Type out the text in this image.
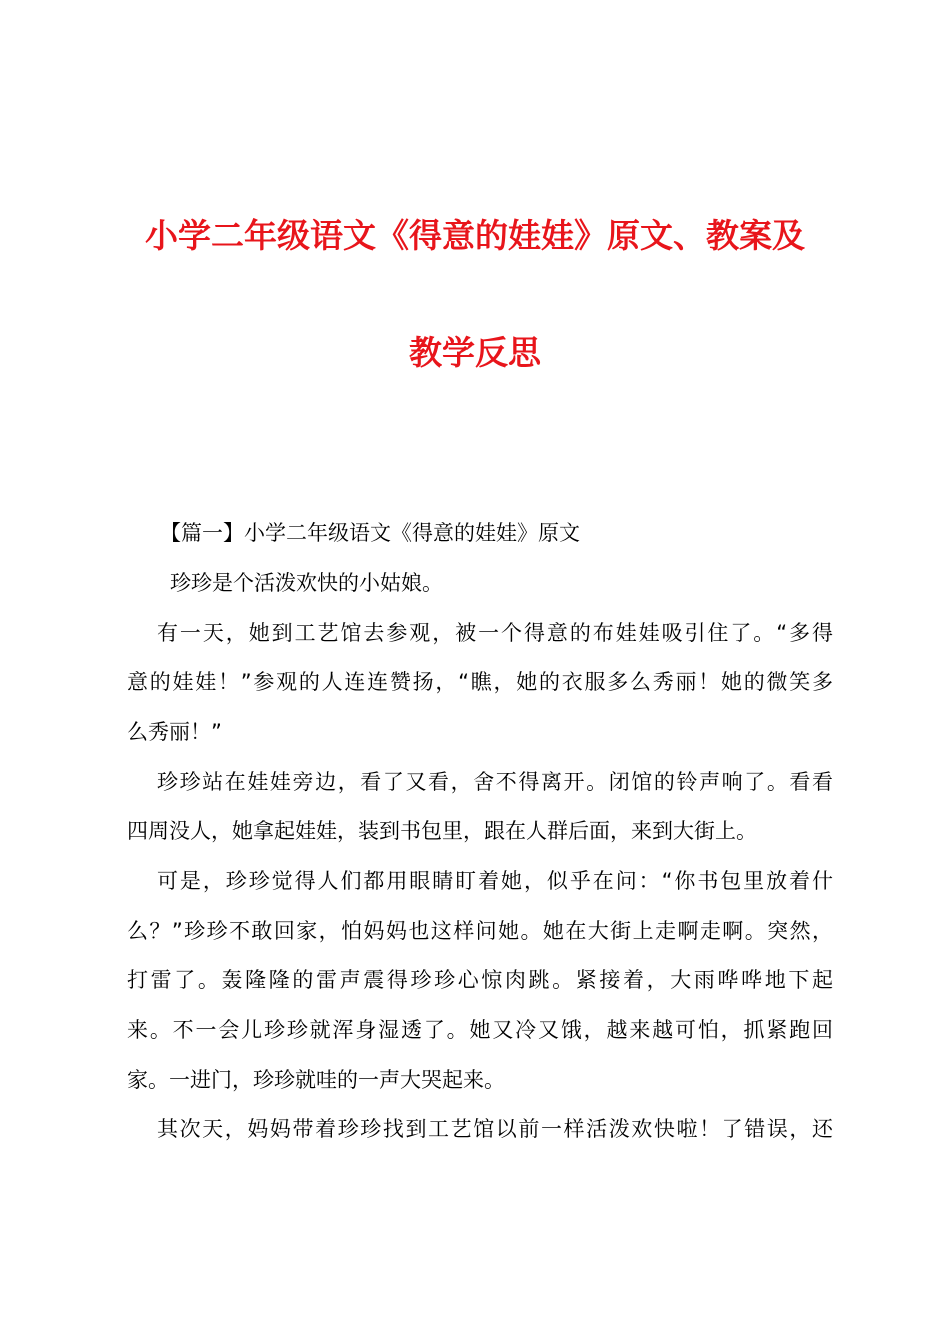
小学二年级语文《得意的娃娃》原文、教案及
教学反思
【篇一】小学二年级语文《得意的娃娃》原文
珍珍是个活泼欢快的小姑娘。
有一天，她到工艺馆去参观，被一个得意的布娃娃吸引住了。“多得
意的娃娃！”参观的人连连赞扬，“瞧，她的衣服多么秀丽！她的微笑多
么秀丽！”
珍珍站在娃娃旁边，看了又看，舍不得离开。闭馆的铃声响了。看看
四周没人，她拿起娃娃，装到书包里，跟在人群后面，来到大街上。
可是，珍珍觉得人们都用眼睛盯着她，似乎在问：“你书包里放着什
么？”珍珍不敢回家，怕妈妈也这样问她。她在大街上走啊走啊。突然，
打雷了。轰隆隆的雷声震得珍珍心惊肉跳。紧接着，大雨哗哗地下起
来。不一会儿珍珍就浑身湿透了。她又冷又饿，越来越可怕，抓紧跑回
家。一进门，珍珍就哇的一声大哭起来。
其次天，妈妈带着珍珍找到工艺馆以前一样活泼欢快啦！了错误，还
